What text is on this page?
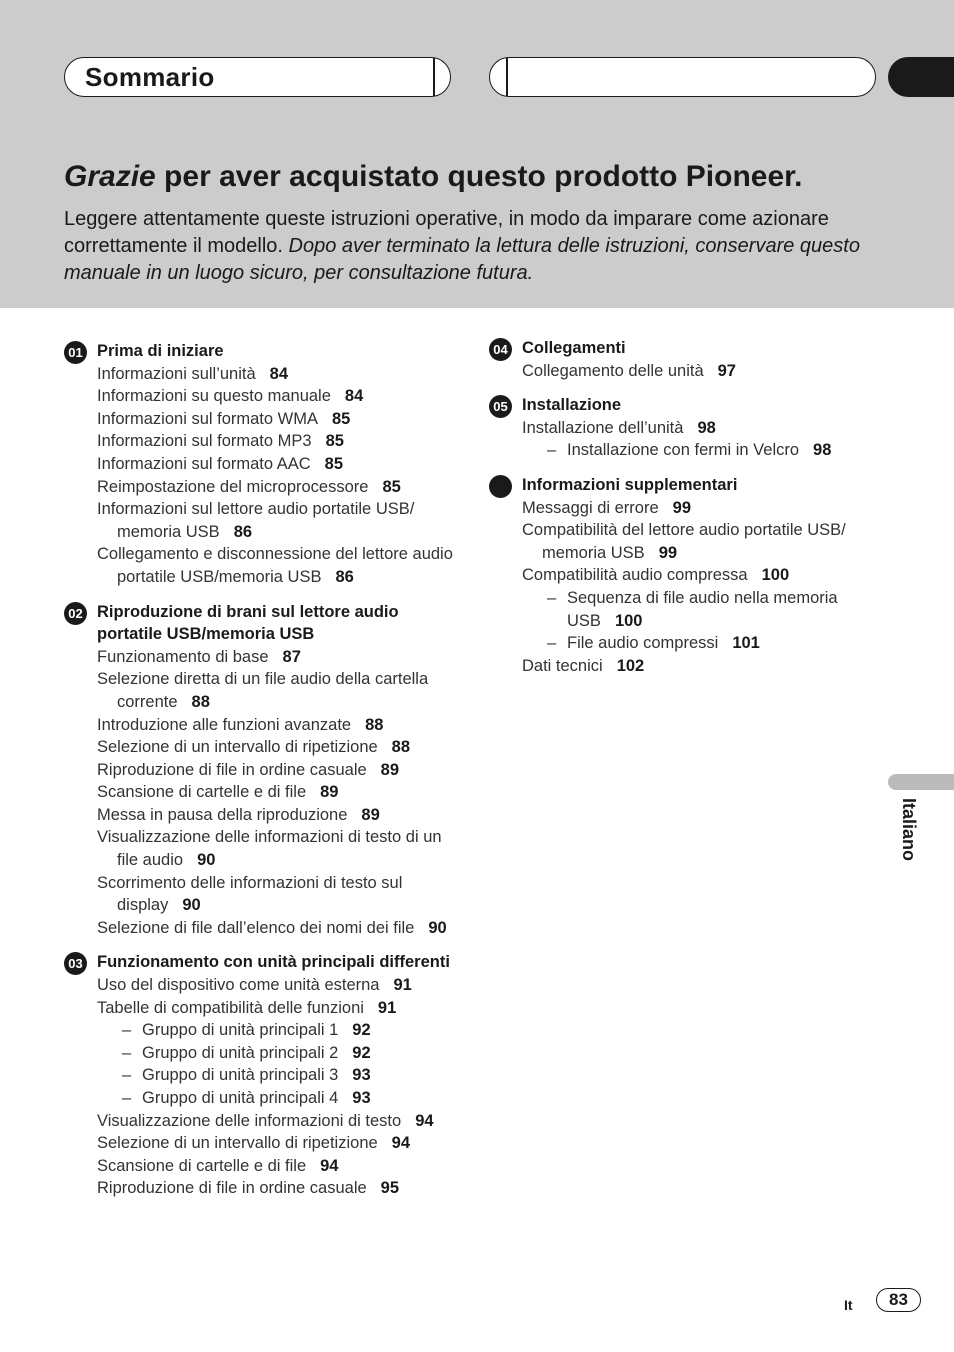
Sommario
Grazie per aver acquistato questo prodotto Pioneer.

Leggere attentamente queste istruzioni operative, in modo da imparare come azionare correttamente il modello. Dopo aver terminato la lettura delle istruzioni, conservare questo manuale in un luogo sicuro, per consultazione futura.

01 Prima di iniziare
Informazioni sull’unità 84
Informazioni su questo manuale 84
Informazioni sul formato WMA 85
Informazioni sul formato MP3 85
Informazioni sul formato AAC 85
Reimpostazione del microprocessore 85
Informazioni sul lettore audio portatile USB/ memoria USB 86
Collegamento e disconnessione del lettore audio portatile USB/memoria USB 86
02 Riproduzione di brani sul lettore audio portatile USB/memoria USB
Funzionamento di base 87
Selezione diretta di un file audio della cartella corrente 88
Introduzione alle funzioni avanzate 88
Selezione di un intervallo di ripetizione 88
Riproduzione di file in ordine casuale 89
Scansione di cartelle e di file 89
Messa in pausa della riproduzione 89
Visualizzazione delle informazioni di testo di un file audio 90
Scorrimento delle informazioni di testo sul display 90
Selezione di file dall’elenco dei nomi dei file 90
03 Funzionamento con unità principali differenti
Uso del dispositivo come unità esterna 91
Tabelle di compatibilità delle funzioni 91
– Gruppo di unità principali 1 92
– Gruppo di unità principali 2 92
– Gruppo di unità principali 3 93
– Gruppo di unità principali 4 93
Visualizzazione delle informazioni di testo 94
Selezione di un intervallo di ripetizione 94
Scansione di cartelle e di file 94
Riproduzione di file in ordine casuale 95
04 Collegamenti
Collegamento delle unità 97
05 Installazione
Installazione dell’unità 98
– Installazione con fermi in Velcro 98
Informazioni supplementari
Messaggi di errore 99
Compatibilità del lettore audio portatile USB/ memoria USB 99
Compatibilità audio compressa 100
– Sequenza di file audio nella memoria USB 100
– File audio compressi 101
Dati tecnici 102
Italiano
It	83
